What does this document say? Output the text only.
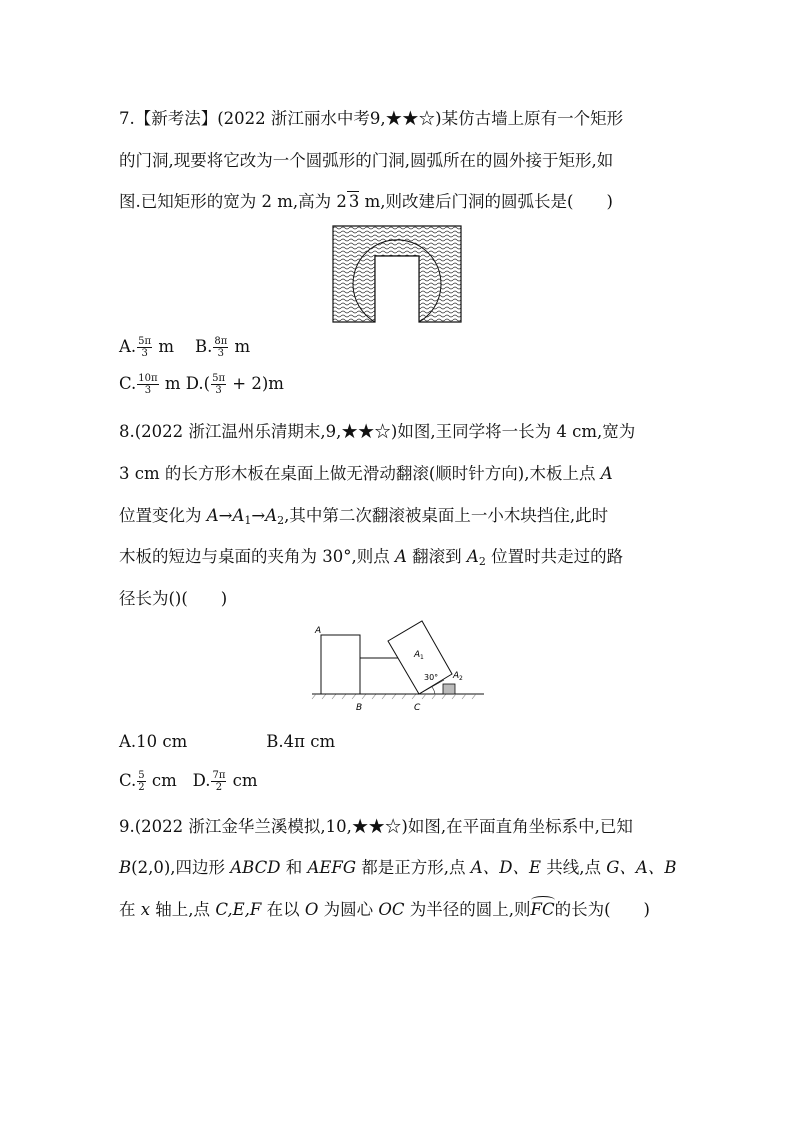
7.【新考法】(2022 浙江丽水中考9,★★☆)某仿古墙上原有一个矩形
的门洞,现要将它改为一个圆弧形的门洞,圆弧所在的圆外接于矩形,如
图.已知矩形的宽为 2 m,高为 2 3 m,则改建后门洞的圆弧长是(　　)
A. $\frac{5\pi}{3}$ m B. $\frac{8\pi}{3}$ m
C. $\frac{10\pi}{3}$ m $D.( \frac{5\pi}{3} + 2)m$
8.(2022 浙江温州乐清期末,9,★★☆)如图,王同学将一长为 4 cm,宽为
3 cm 的长方形木板在桌面上做无滑动翻滚(顺时针方向),木板上点 A
位置变化为 $A\to A_1\to A_2$,其中第二次翻滚被桌面上一小木块挡住,此时
木板的短边与桌面的夹角为 30°,则点 A 翻滚到 $A_2$ 位置时共走过的路
径长为()(　　)
A
A 1
A 2
30°
B	C
A.10 cm	B.4π cm
C. $\frac{5}{2}$ cm D. $\frac{7\pi}{2}$ cm
9.(2022 浙江金华兰溪模拟,10,★★☆)如图,在平面直角坐标系中,已知
B(2,0),四边形 ABCD 和 AEFG 都是正方形,点 A、D、E 共线,点 G、A、B
在 x 轴上,点 C,E,F 在以 O 为圆心 OC 为半径的圆上,则FC的长为(　　)
